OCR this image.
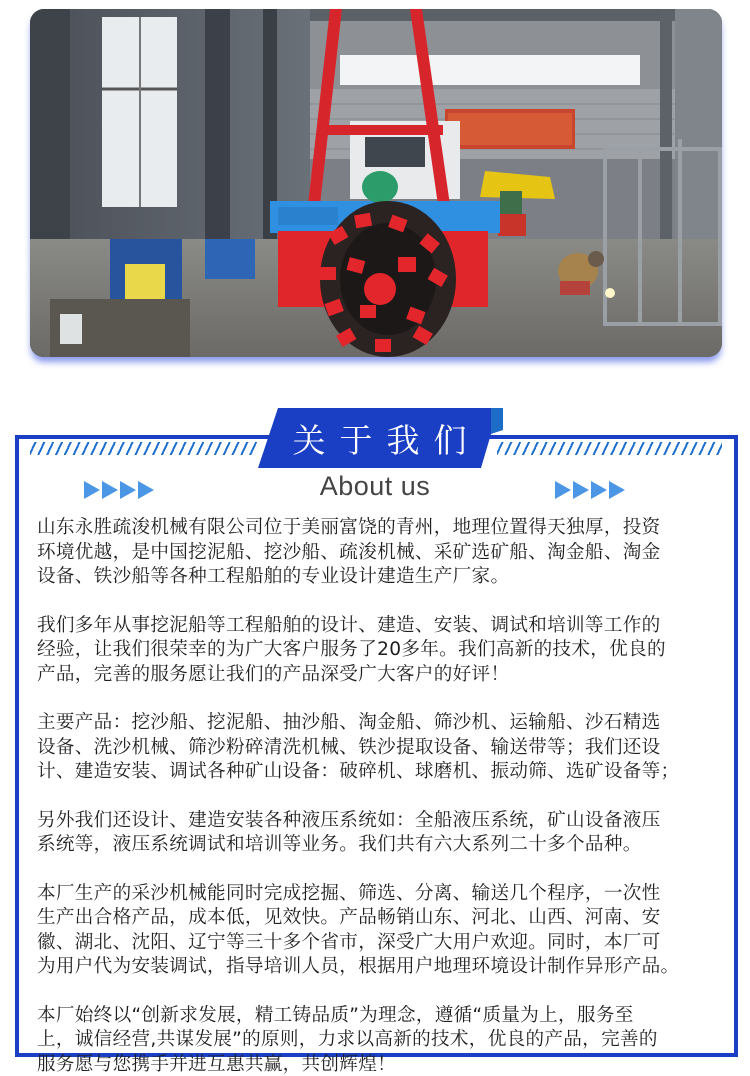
关于我们
About us

山东永胜疏浚机械有限公司位于美丽富饶的青州，地理位置得天独厚，投资
环境优越，是中国挖泥船、挖沙船、疏浚机械、采矿选矿船、淘金船、淘金
设备、铁沙船等各种工程船舶的专业设计建造生产厂家。

我们多年从事挖泥船等工程船舶的设计、建造、安装、调试和培训等工作的
经验，让我们很荣幸的为广大客户服务了20多年。我们高新的技术，优良的
产品，完善的服务愿让我们的产品深受广大客户的好评！

主要产品：挖沙船、挖泥船、抽沙船、淘金船、筛沙机、运输船、沙石精选
设备、洗沙机械、筛沙粉碎清洗机械、铁沙提取设备、输送带等；我们还设
计、建造安装、调试各种矿山设备：破碎机、球磨机、振动筛、选矿设备等；

另外我们还设计、建造安装各种液压系统如：全船液压系统，矿山设备液压
系统等，液压系统调试和培训等业务。我们共有六大系列二十多个品种。

本厂生产的采沙机械能同时完成挖掘、筛选、分离、输送几个程序，一次性
生产出合格产品，成本低，见效快。产品畅销山东、河北、山西、河南、安
徽、湖北、沈阳、辽宁等三十多个省市，深受广大用户欢迎。同时，本厂可
为用户代为安装调试，指导培训人员，根据用户地理环境设计制作异形产品。

本厂始终以“创新求发展，精工铸品质”为理念，遵循“质量为上，服务至
上，诚信经营,共谋发展”的原则，力求以高新的技术，优良的产品，完善的
服务愿与您携手并进互惠共赢，共创辉煌！
